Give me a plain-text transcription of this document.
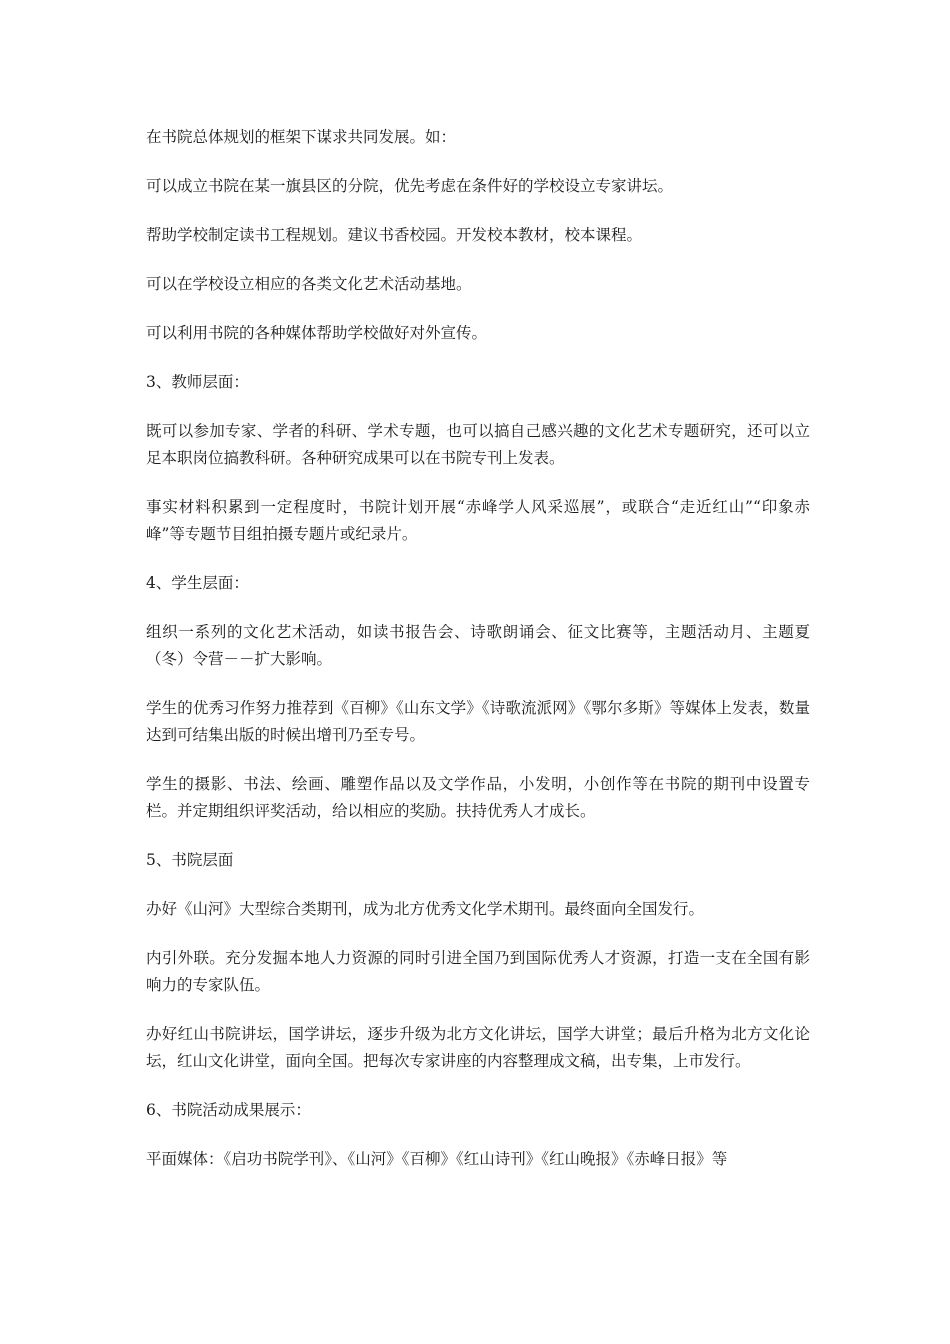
在书院总体规划的框架下谋求共同发展。如：

可以成立书院在某一旗县区的分院，优先考虑在条件好的学校设立专家讲坛。

帮助学校制定读书工程规划。建议书香校园。开发校本教材，校本课程。

可以在学校设立相应的各类文化艺术活动基地。

可以利用书院的各种媒体帮助学校做好对外宣传。

3、教师层面：

既可以参加专家、学者的科研、学术专题，也可以搞自己感兴趣的文化艺术专题研究，还可以立足本职岗位搞教科研。各种研究成果可以在书院专刊上发表。

事实材料积累到一定程度时，书院计划开展“赤峰学人风采巡展”，或联合“走近红山”“印象赤峰”等专题节目组拍摄专题片或纪录片。

4、学生层面：

组织一系列的文化艺术活动，如读书报告会、诗歌朗诵会、征文比赛等，主题活动月、主题夏（冬）令营－－扩大影响。

学生的优秀习作努力推荐到《百柳》《山东文学》《诗歌流派网》《鄂尔多斯》等媒体上发表，数量达到可结集出版的时候出增刊乃至专号。

学生的摄影、书法、绘画、雕塑作品以及文学作品，小发明，小创作等在书院的期刊中设置专栏。并定期组织评奖活动，给以相应的奖励。扶持优秀人才成长。

5、书院层面

办好《山河》大型综合类期刊，成为北方优秀文化学术期刊。最终面向全国发行。

内引外联。充分发掘本地人力资源的同时引进全国乃到国际优秀人才资源，打造一支在全国有影响力的专家队伍。

办好红山书院讲坛，国学讲坛，逐步升级为北方文化讲坛，国学大讲堂；最后升格为北方文化论坛，红山文化讲堂，面向全国。把每次专家讲座的内容整理成文稿，出专集，上市发行。

6、书院活动成果展示：

平面媒体：《启功书院学刊》、《山河》《百柳》《红山诗刊》《红山晚报》《赤峰日报》等
